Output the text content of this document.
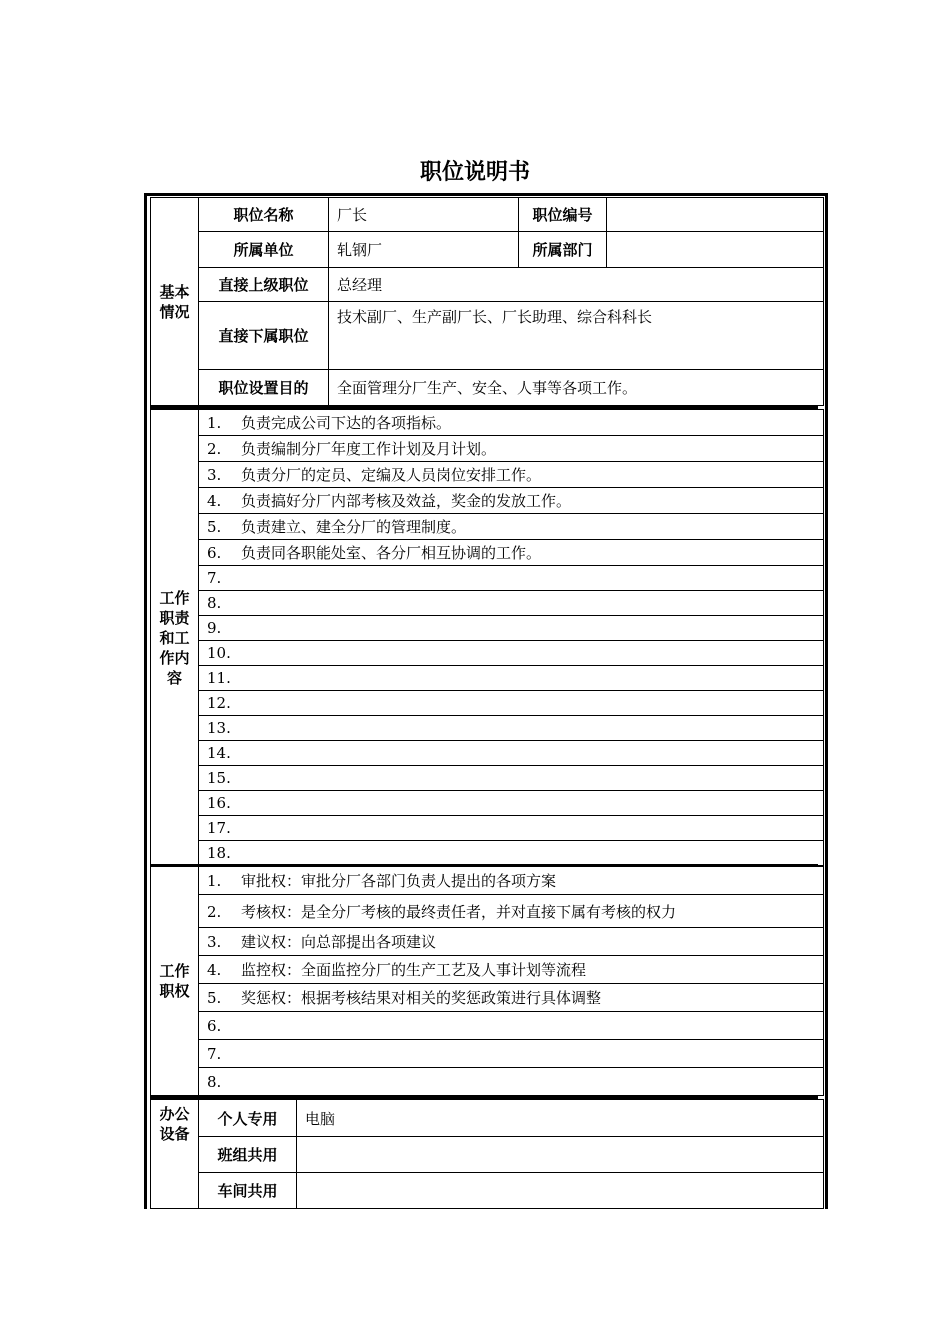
职位说明书
基本
情况	职位名称	厂长	职位编号	
	所属单位	轧钢厂	所属部门	
	直接上级职位	总经理		
	直接下属职位	技术副厂、生产副厂长、厂长助理、综合科科长		
	职位设置目的	全面管理分厂生产、安全、人事等各项工作。		
工作
职责
和工
作内
容	1. 负责完成公司下达的各项指标。
2. 负责编制分厂年度工作计划及月计划。
3. 负责分厂的定员、定编及人员岗位安排工作。
4. 负责搞好分厂内部考核及效益，奖金的发放工作。
5. 负责建立、建全分厂的管理制度。
6. 负责同各职能处室、各分厂相互协调的工作。
7.
8.
9.
10.
11.
12.
13.
14.
15.
16.
17.
18.
工作
职权	1. 审批权：审批分厂各部门负责人提出的各项方案
2. 考核权：是全分厂考核的最终责任者，并对直接下属有考核的权力
3. 建议权：向总部提出各项建议
4. 监控权：全面监控分厂的生产工艺及人事计划等流程
5. 奖惩权：根据考核结果对相关的奖惩政策进行具体调整
6.
7.
8.
办公
设备	个人专用	电脑
	班组共用	
	车间共用	
